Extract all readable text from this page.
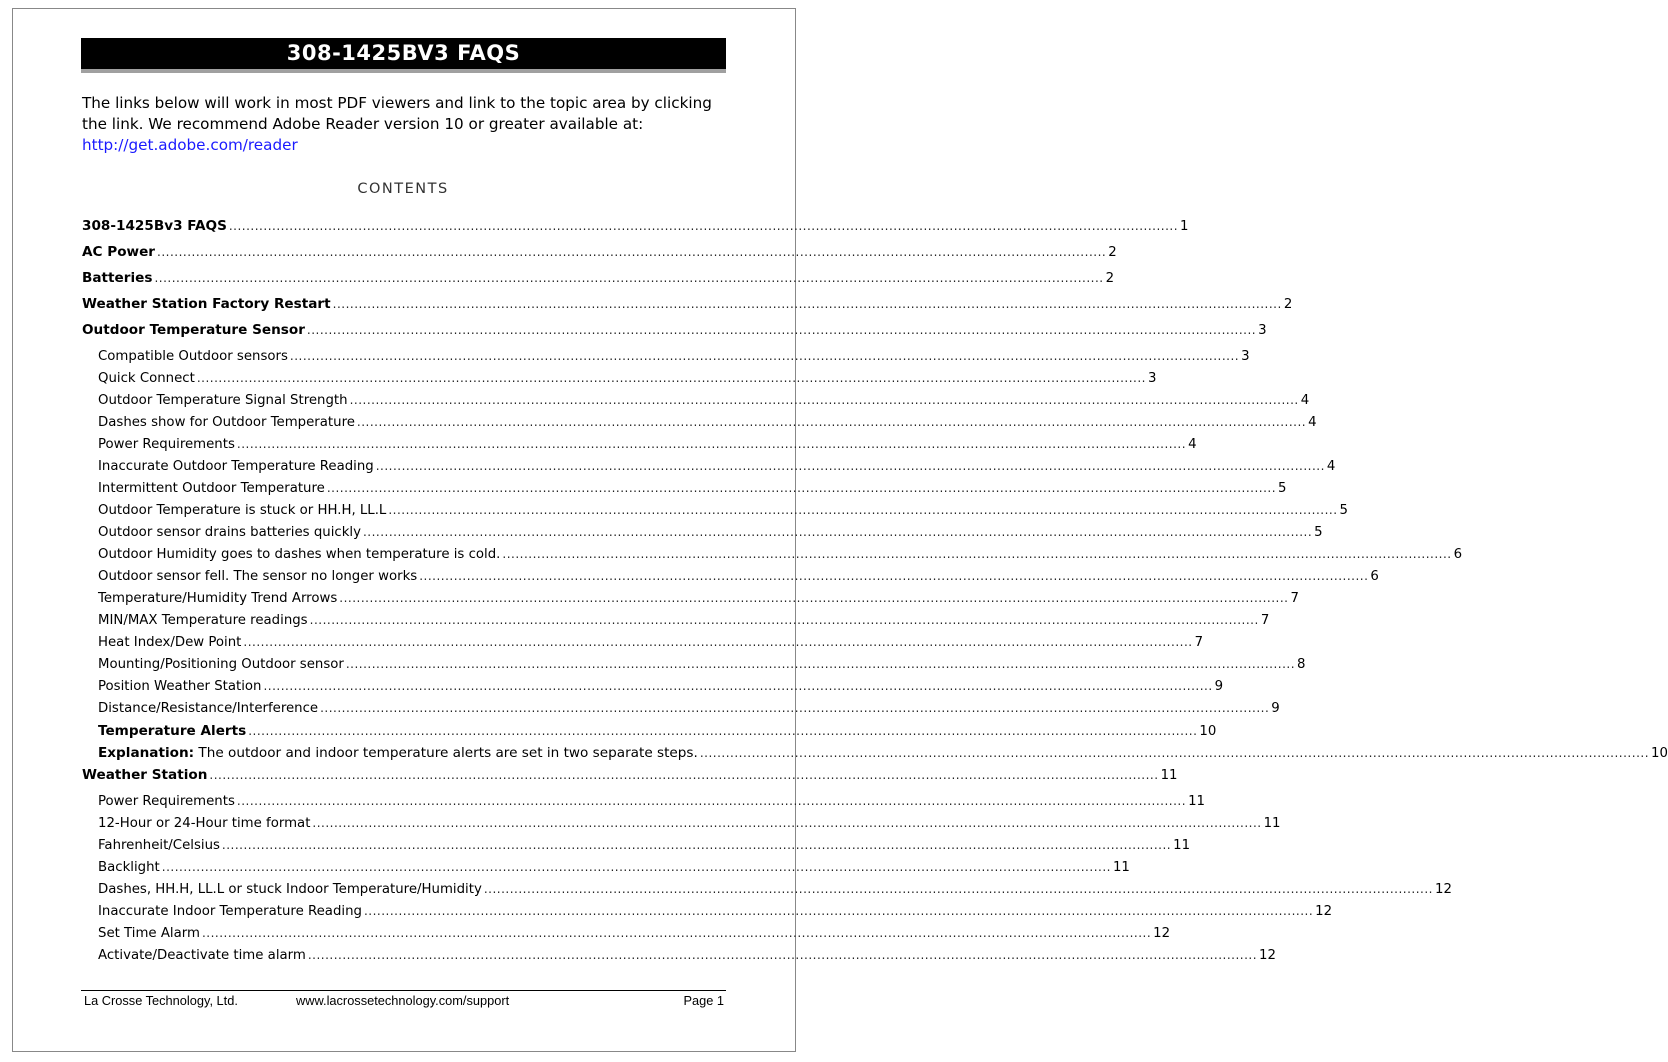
308-1425BV3 FAQS
The links below will work in most PDF viewers and link to the topic area by clicking the link. We recommend Adobe Reader version 10 or greater available at:
http://get.adobe.com/reader
CONTENTS
308-1425Bv3 FAQS ............................................................................................................................................................................................................................ 1
AC Power ............................................................................................................................................................................................................................ 2
Batteries ............................................................................................................................................................................................................................ 2
Weather Station Factory Restart ............................................................................................................................................................................................................................ 2
Outdoor Temperature Sensor ............................................................................................................................................................................................................................ 3
Compatible Outdoor sensors ............................................................................................................................................................................................................................ 3
Quick Connect ............................................................................................................................................................................................................................ 3
Outdoor Temperature Signal Strength ............................................................................................................................................................................................................................ 4
Dashes show for Outdoor Temperature ............................................................................................................................................................................................................................ 4
Power Requirements ............................................................................................................................................................................................................................ 4
Inaccurate Outdoor Temperature Reading ............................................................................................................................................................................................................................ 4
Intermittent Outdoor Temperature ............................................................................................................................................................................................................................ 5
Outdoor Temperature is stuck or HH.H, LL.L ............................................................................................................................................................................................................................ 5
Outdoor sensor drains batteries quickly ............................................................................................................................................................................................................................ 5
Outdoor Humidity goes to dashes when temperature is cold. ............................................................................................................................................................................................................................ 6
Outdoor sensor fell. The sensor no longer works ............................................................................................................................................................................................................................ 6
Temperature/Humidity Trend Arrows ............................................................................................................................................................................................................................ 7
MIN/MAX Temperature readings ............................................................................................................................................................................................................................ 7
Heat Index/Dew Point ............................................................................................................................................................................................................................ 7
Mounting/Positioning Outdoor sensor ............................................................................................................................................................................................................................ 8
Position Weather Station ............................................................................................................................................................................................................................ 9
Distance/Resistance/Interference ............................................................................................................................................................................................................................ 9
Temperature Alerts ............................................................................................................................................................................................................................ 10
Explanation: The outdoor and indoor temperature alerts are set in two separate steps. ............................................................................................................................................................................................................................ 10
Weather Station ............................................................................................................................................................................................................................ 11
Power Requirements ............................................................................................................................................................................................................................ 11
12-Hour or 24-Hour time format ............................................................................................................................................................................................................................ 11
Fahrenheit/Celsius ............................................................................................................................................................................................................................ 11
Backlight ............................................................................................................................................................................................................................ 11
Dashes, HH.H, LL.L or stuck Indoor Temperature/Humidity ............................................................................................................................................................................................................................ 12
Inaccurate Indoor Temperature Reading ............................................................................................................................................................................................................................ 12
Set Time Alarm ............................................................................................................................................................................................................................ 12
Activate/Deactivate time alarm ............................................................................................................................................................................................................................ 12
La Crosse Technology, Ltd.	www.lacrossetechnology.com/support	Page 1
